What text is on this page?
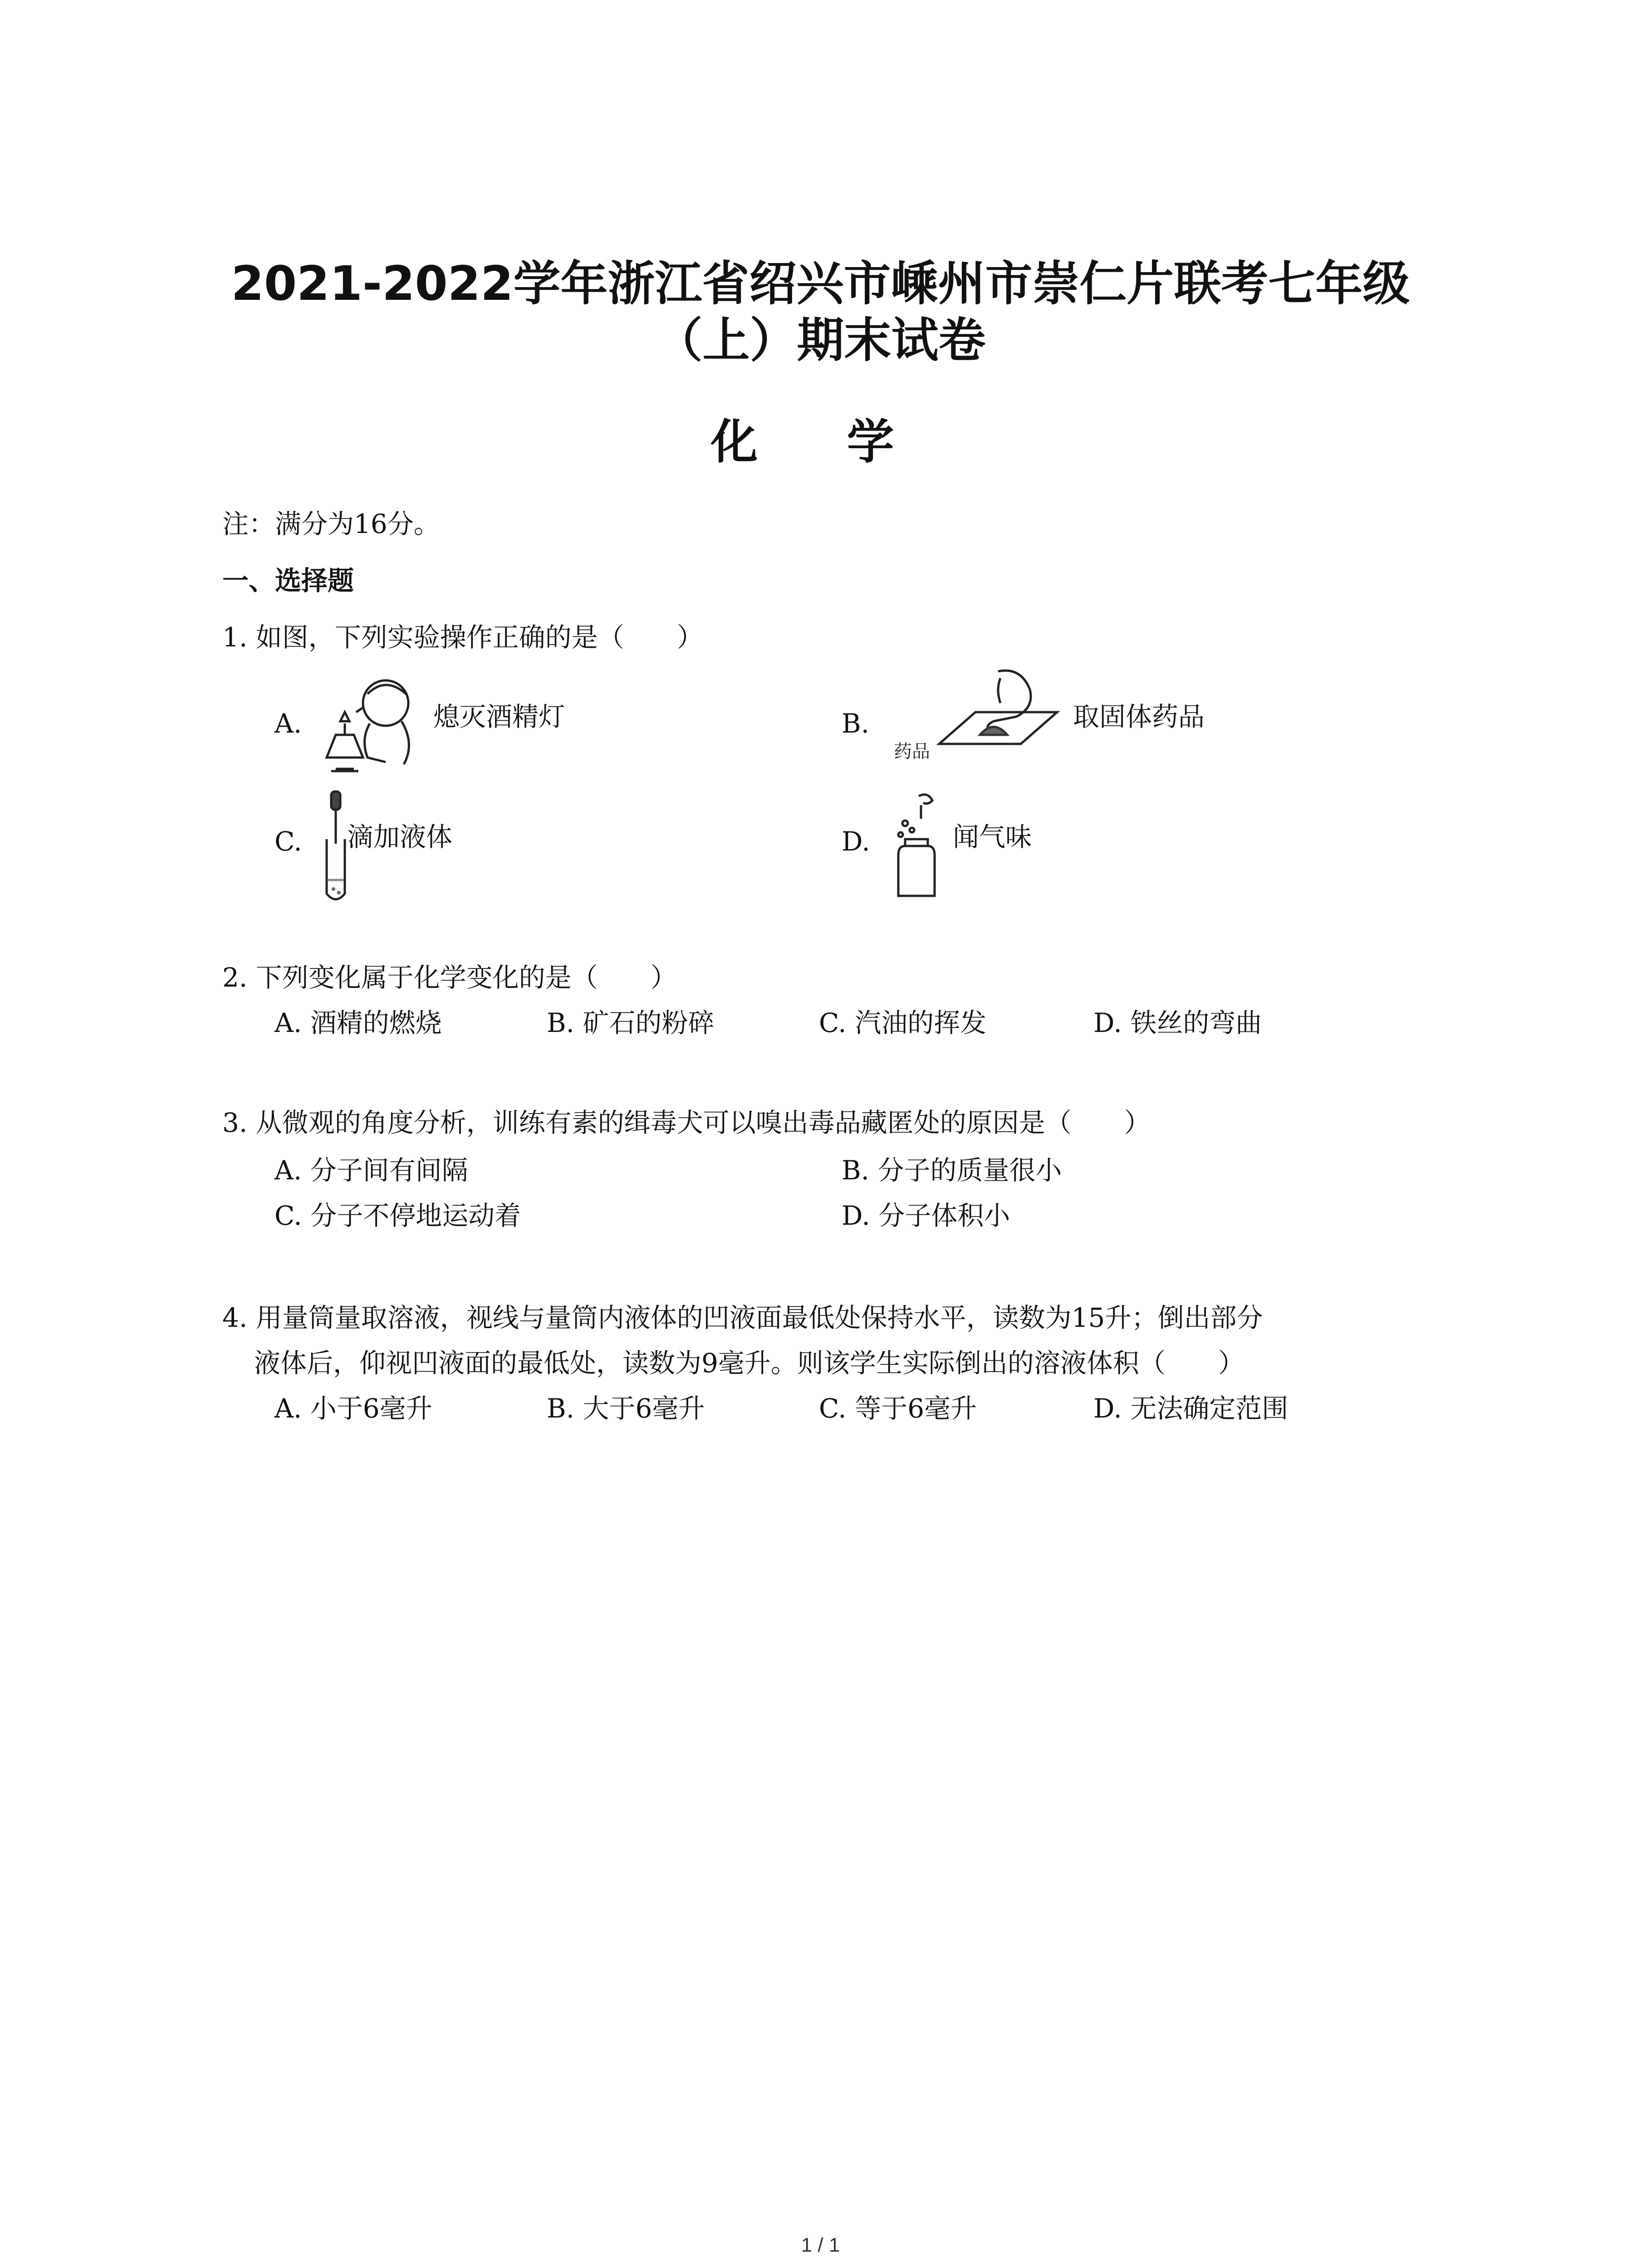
2021-2022学年浙江省绍兴市嵊州市崇仁片联考七年级
（上）期末试卷
化 学
注：满分为16分。
一、选择题
1. 如图，下列实验操作正确的是（　　）
A.	熄灭酒精灯	B.
药品
取固体药品
C. 滴加液体	D.	闻气味
2. 下列变化属于化学变化的是（　　）
A. 酒精的燃烧	B. 矿石的粉碎	C. 汽油的挥发	D. 铁丝的弯曲
3. 从微观的角度分析，训练有素的缉毒犬可以嗅出毒品藏匿处的原因是（　　）
A. 分子间有间隔	B. 分子的质量很小
C. 分子不停地运动着	D. 分子体积小
4. 用量筒量取溶液，视线与量筒内液体的凹液面最低处保持水平，读数为15升；倒出部分
液体后，仰视凹液面的最低处，读数为9毫升。则该学生实际倒出的溶液体积（　　）
A. 小于6毫升	B. 大于6毫升	C. 等于6毫升	D. 无法确定范围
1 / 1
